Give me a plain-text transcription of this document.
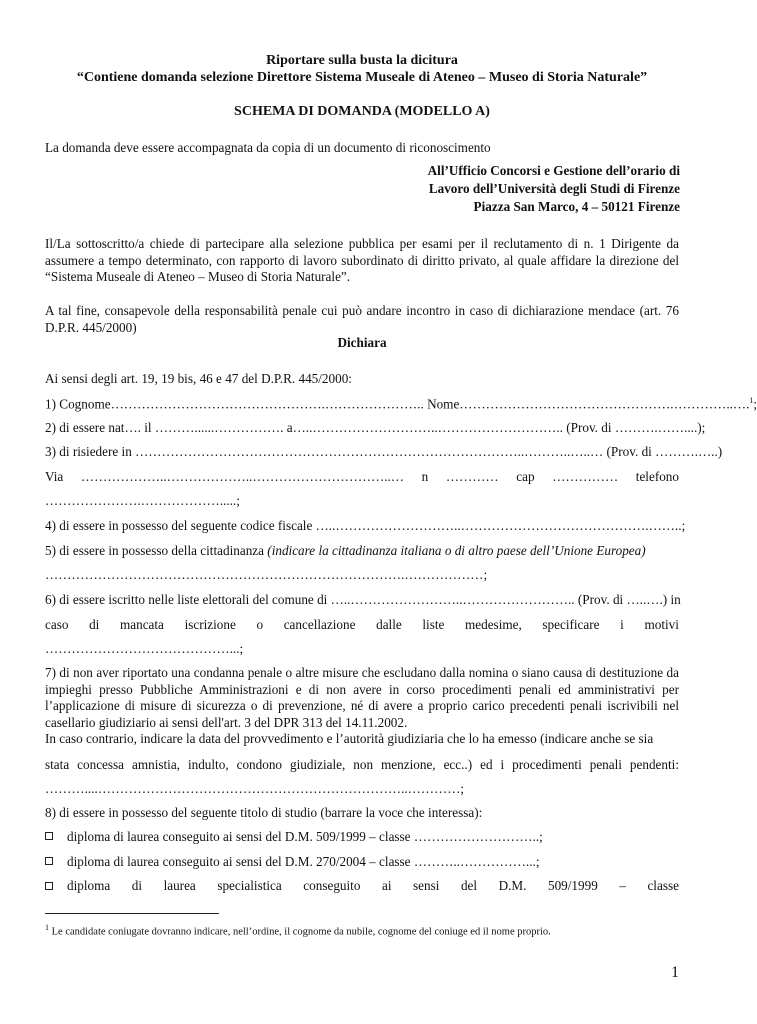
Riportare sulla busta la dicitura
“Contiene domanda selezione Direttore Sistema Museale di Ateneo – Museo di Storia Naturale”
SCHEMA DI DOMANDA (MODELLO A)
La domanda deve essere accompagnata da copia di un documento di riconoscimento
All’Ufficio Concorsi e Gestione dell’orario di
Lavoro dell’Università degli Studi di Firenze
Piazza San Marco, 4 – 50121 Firenze
Il/La sottoscritto/a chiede di partecipare alla selezione pubblica per esami per il reclutamento di n. 1 Dirigente da assumere a tempo determinato, con rapporto di lavoro subordinato di diritto privato, al quale affidare la direzione del “Sistema Museale di Ateneo – Museo di Storia Naturale”.
A tal fine, consapevole della responsabilità penale cui può andare incontro in caso di dichiarazione mendace (art. 76 D.P.R. 445/2000)
Dichiara
Ai sensi degli art. 19, 19 bis, 46 e 47 del D.P.R. 445/2000:
1) Cognome………………………………………….………………….. Nome………………………………………….…………..….$^1$;
2) di essere nat…. il ………......……………. a…..………………………..……………………….. (Prov. di ……….……....);
3) di risiedere in ……………………………………………………………………………..………..…..… (Prov. di ……….…..)
Via ………………..………………..…………………………..… n ………… cap …………… telefono
………………….……………….....;
4) di essere in possesso del seguente codice fiscale …..………………………..…………………………………….……..;
5) di essere in possesso della cittadinanza (indicare la cittadinanza italiana o di altro paese dell’Unione Europea)
……………………………………………………………………….………………;
6) di essere iscritto nelle liste elettorali del comune di …..……………………..…………………….. (Prov. di …..….) in
caso di mancata iscrizione o cancellazione dalle liste medesime, specificare i motivi
……………………………………...;
7) di non aver riportato una condanna penale o altre misure che escludano dalla nomina o siano causa di destituzione da impieghi presso Pubbliche Amministrazioni e di non avere in corso procedimenti penali ed amministrativi per l’applicazione di misure di sicurezza o di prevenzione, né di avere a proprio carico precedenti penali iscrivibili nel casellario giudiziario ai sensi dell'art. 3 del DPR 313 del 14.11.2002.
In caso contrario, indicare la data del provvedimento e l’autorità giudiziaria che lo ha emesso (indicare anche se sia
stata concessa amnistia, indulto, condono giudiziale, non menzione, ecc..) ed i procedimenti penali pendenti:
………....……………………………………………………………..…………;
8) di essere in possesso del seguente titolo di studio (barrare la voce che interessa):
diploma di laurea conseguito ai sensi del D.M. 509/1999 – classe ………………………..;
diploma di laurea conseguito ai sensi del D.M. 270/2004 – classe ………..……………...;
diploma di laurea specialistica conseguito ai sensi del D.M. 509/1999 – classe
$^1$ Le candidate coniugate dovranno indicare, nell’ordine, il cognome da nubile, cognome del coniuge ed il nome proprio.
1
